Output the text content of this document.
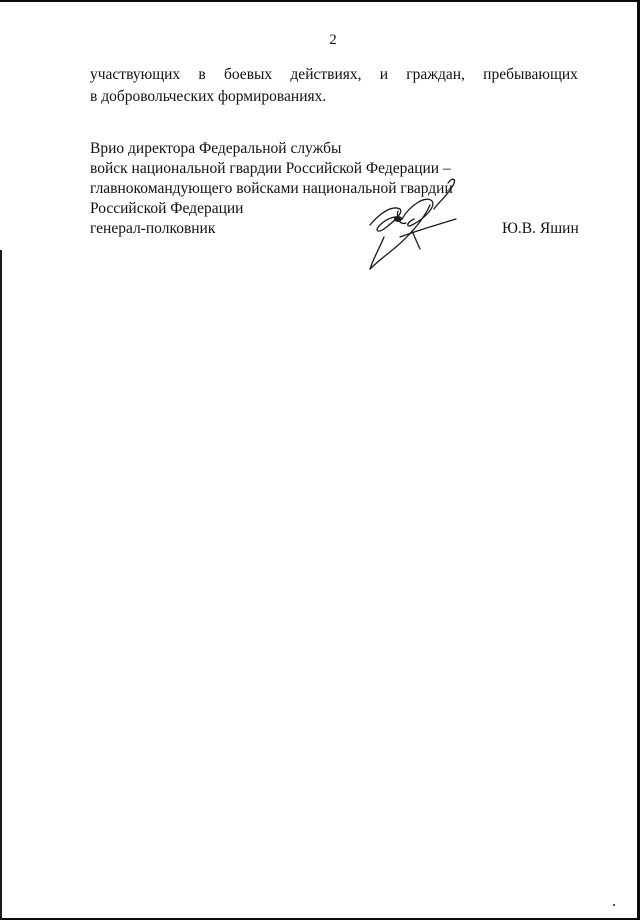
2
участвующих в боевых действиях, и граждан, пребывающих
в добровольческих формированиях.
Врио директора Федеральной службы
войск национальной гвардии Российской Федерации –
главнокомандующего войсками национальной гвардии
Российской Федерации
генерал-полковник	Ю.В. Яшин
